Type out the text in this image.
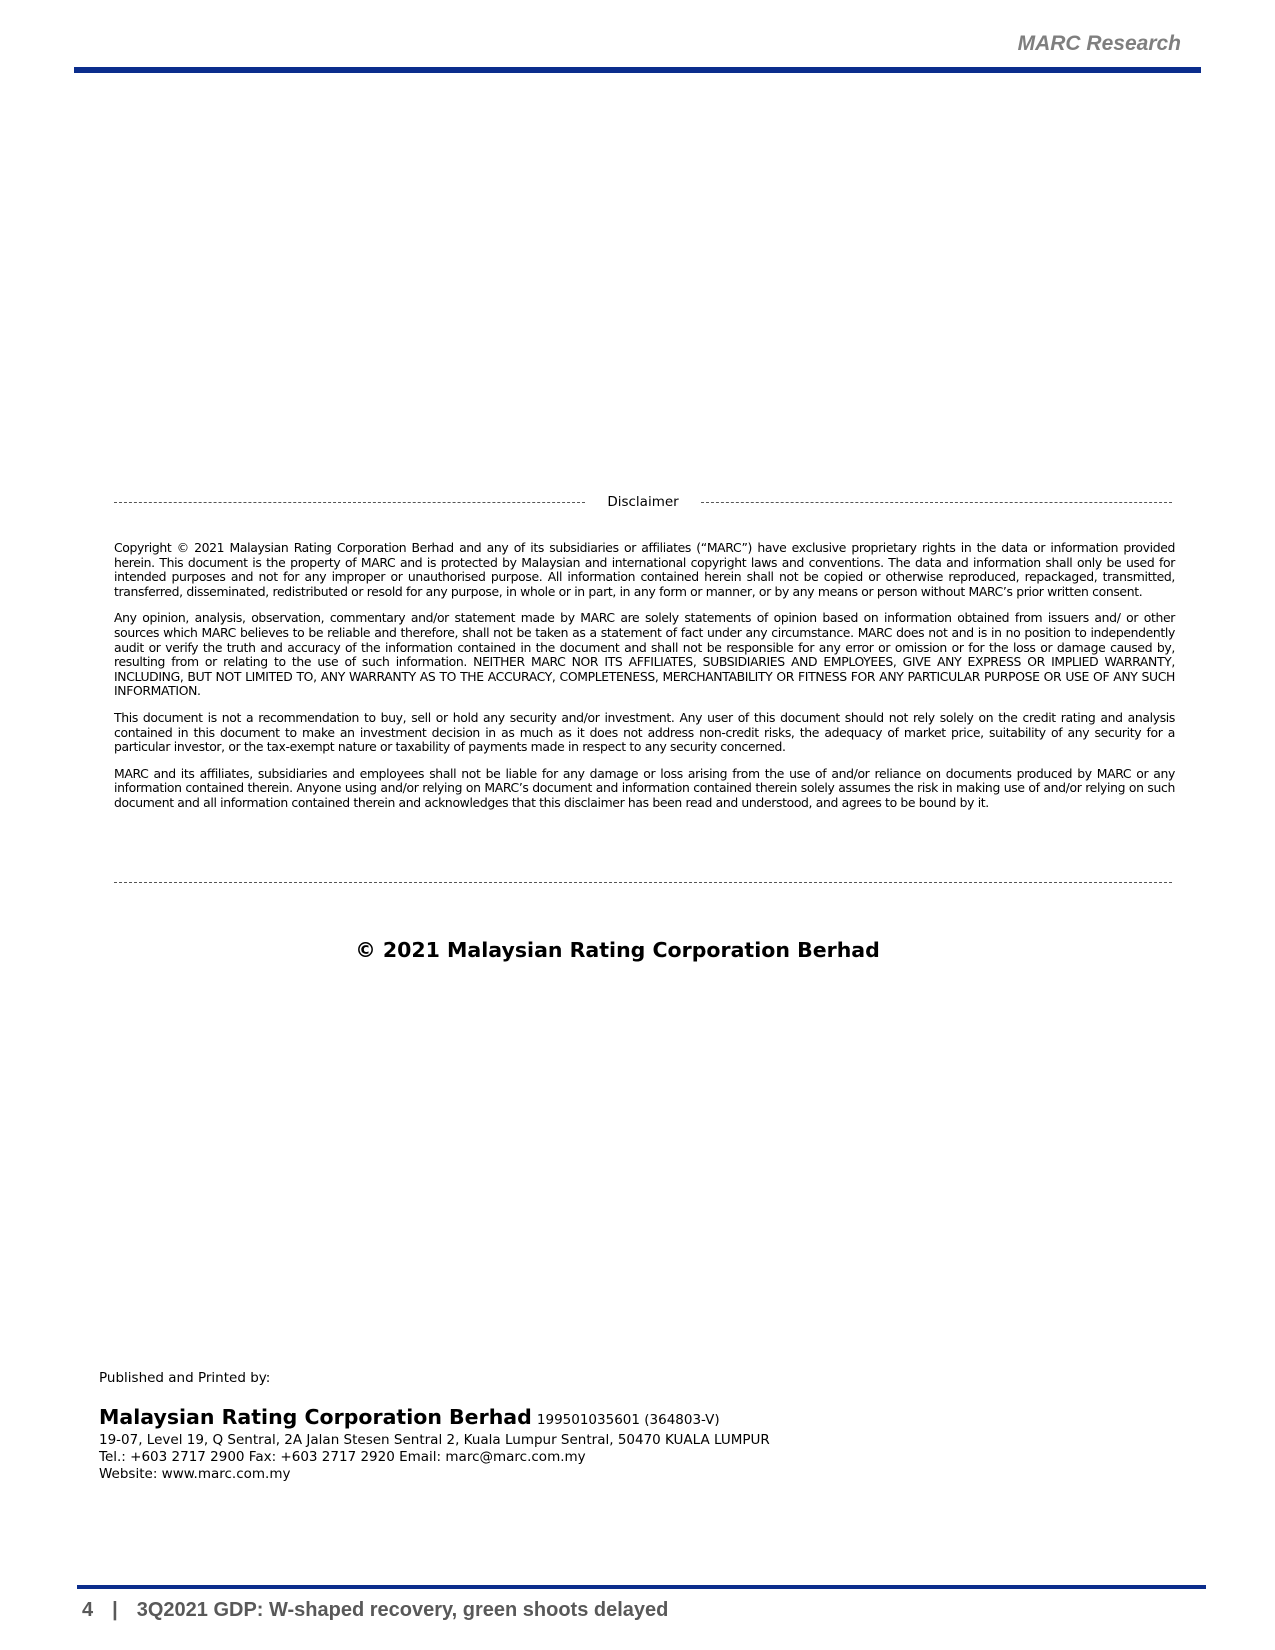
MARC Research

Disclaimer

Copyright © 2021 Malaysian Rating Corporation Berhad and any of its subsidiaries or affiliates (“MARC”) have exclusive proprietary rights in the data or information provided herein. This document is the property of MARC and is protected by Malaysian and international copyright laws and conventions. The data and information shall only be used for intended purposes and not for any improper or unauthorised purpose. All information contained herein shall not be copied or otherwise reproduced, repackaged, transmitted, transferred, disseminated, redistributed or resold for any purpose, in whole or in part, in any form or manner, or by any means or person without MARC’s prior written consent.

Any opinion, analysis, observation, commentary and/or statement made by MARC are solely statements of opinion based on information obtained from issuers and/ or other sources which MARC believes to be reliable and therefore, shall not be taken as a statement of fact under any circumstance. MARC does not and is in no position to independently audit or verify the truth and accuracy of the information contained in the document and shall not be responsible for any error or omission or for the loss or damage caused by, resulting from or relating to the use of such information. NEITHER MARC NOR ITS AFFILIATES, SUBSIDIARIES AND EMPLOYEES, GIVE ANY EXPRESS OR IMPLIED WARRANTY, INCLUDING, BUT NOT LIMITED TO, ANY WARRANTY AS TO THE ACCURACY, COMPLETENESS, MERCHANTABILITY OR FITNESS FOR ANY PARTICULAR PURPOSE OR USE OF ANY SUCH INFORMATION.

This document is not a recommendation to buy, sell or hold any security and/or investment. Any user of this document should not rely solely on the credit rating and analysis contained in this document to make an investment decision in as much as it does not address non-credit risks, the adequacy of market price, suitability of any security for a particular investor, or the tax-exempt nature or taxability of payments made in respect to any security concerned.

MARC and its affiliates, subsidiaries and employees shall not be liable for any damage or loss arising from the use of and/or reliance on documents produced by MARC or any information contained therein. Anyone using and/or relying on MARC’s document and information contained therein solely assumes the risk in making use of and/or relying on such document and all information contained therein and acknowledges that this disclaimer has been read and understood, and agrees to be bound by it.

© 2021 Malaysian Rating Corporation Berhad

Published and Printed by:

Malaysian Rating Corporation Berhad 199501035601 (364803-V)

19-07, Level 19, Q Sentral, 2A Jalan Stesen Sentral 2, Kuala Lumpur Sentral, 50470 KUALA LUMPUR

Tel.: +603 2717 2900 Fax: +603 2717 2920 Email: marc@marc.com.my

Website: www.marc.com.my

4 | 3Q2021 GDP: W-shaped recovery, green shoots delayed
